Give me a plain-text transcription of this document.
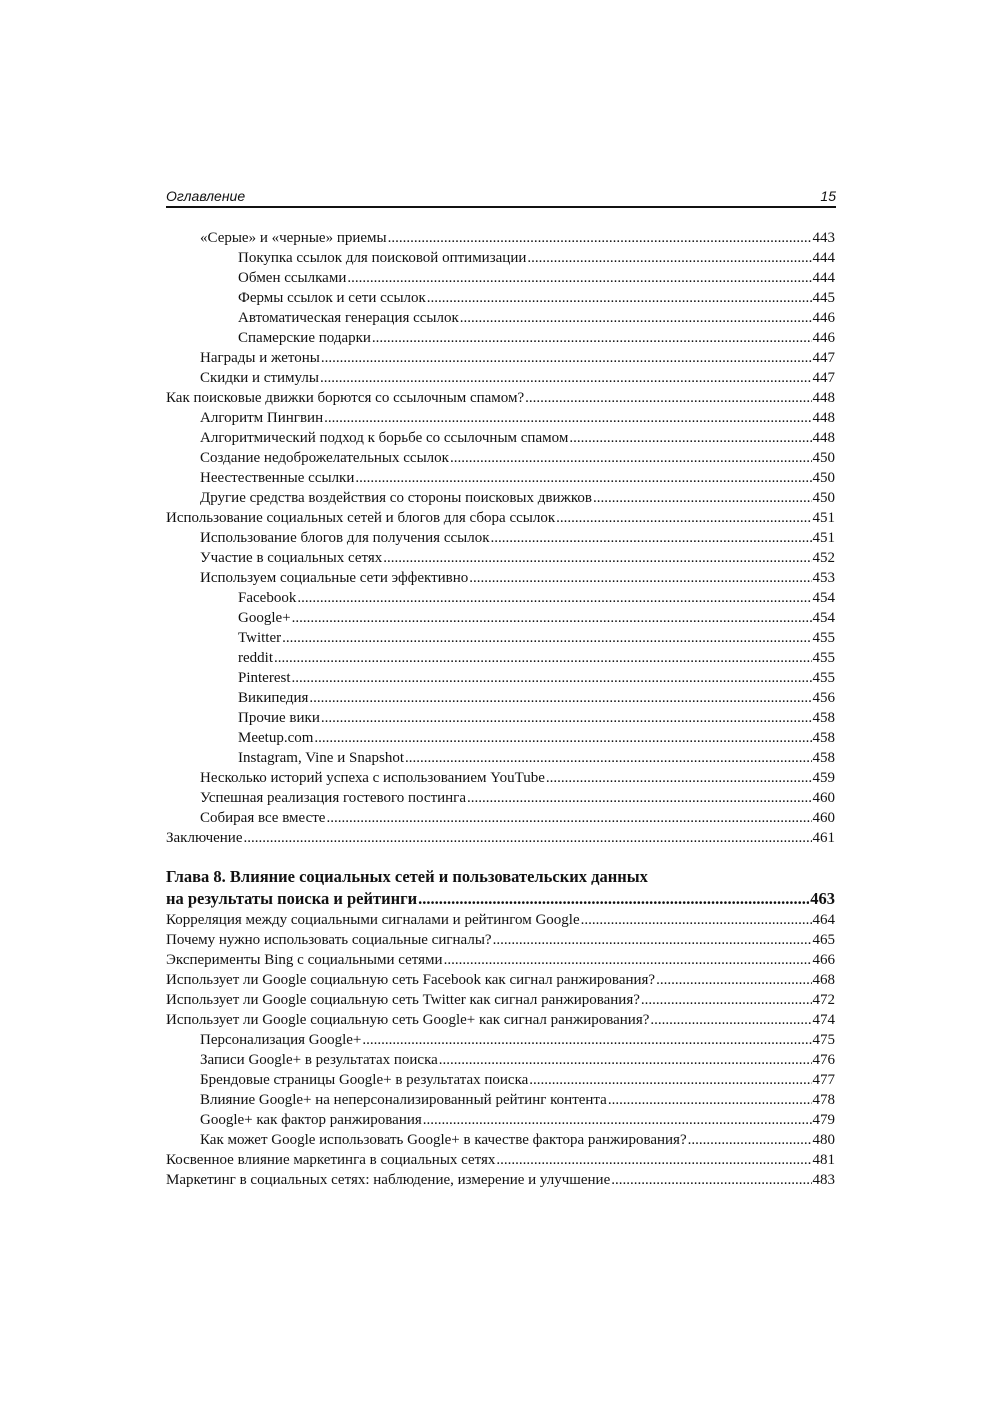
Оглавление	15
«Серые» и «черные» приемы .....	443
Покупка ссылок для поисковой оптимизации .....	444
Обмен ссылками .....	444
Фермы ссылок и сети ссылок .....	445
Автоматическая генерация ссылок .....	446
Спамерские подарки .....	446
Награды и жетоны .....	447
Скидки и стимулы .....	447
Как поисковые движки борются со ссылочным спамом? .....	448
Алгоритм Пингвин .....	448
Алгоритмический подход к борьбе со ссылочным спамом .....	448
Создание недоброжелательных ссылок .....	450
Неестественные ссылки .....	450
Другие средства воздействия со стороны поисковых движков .....	450
Использование социальных сетей и блогов для сбора ссылок .....	451
Использование блогов для получения ссылок .....	451
Участие в социальных сетях .....	452
Используем социальные сети эффективно .....	453
Facebook .....	454
Google+ .....	454
Twitter .....	455
reddit .....	455
Pinterest .....	455
Википедия .....	456
Прочие вики .....	458
Meetup.com .....	458
Instagram, Vine и Snapshot .....	458
Несколько историй успеха с использованием YouTube .....	459
Успешная реализация гостевого постинга .....	460
Собирая все вместе .....	460
Заключение .....	461
Глава 8. Влияние социальных сетей и пользовательских данных
на результаты поиска и рейтинги .....	463
Корреляция между социальными сигналами и рейтингом Google .....	464
Почему нужно использовать социальные сигналы? .....	465
Эксперименты Bing с социальными сетями .....	466
Использует ли Google социальную сеть Facebook как сигнал ранжирования? .....	468
Использует ли Google социальную сеть Twitter как сигнал ранжирования? .....	472
Использует ли Google социальную сеть Google+ как сигнал ранжирования? .....	474
Персонализация Google+ .....	475
Записи Google+ в результатах поиска .....	476
Брендовые страницы Google+ в результатах поиска .....	477
Влияние Google+ на неперсонализированный рейтинг контента .....	478
Google+ как фактор ранжирования .....	479
Как может Google использовать Google+ в качестве фактора ранжирования? .....	480
Косвенное влияние маркетинга в социальных сетях .....	481
Маркетинг в социальных сетях: наблюдение, измерение и улучшение .....	483
